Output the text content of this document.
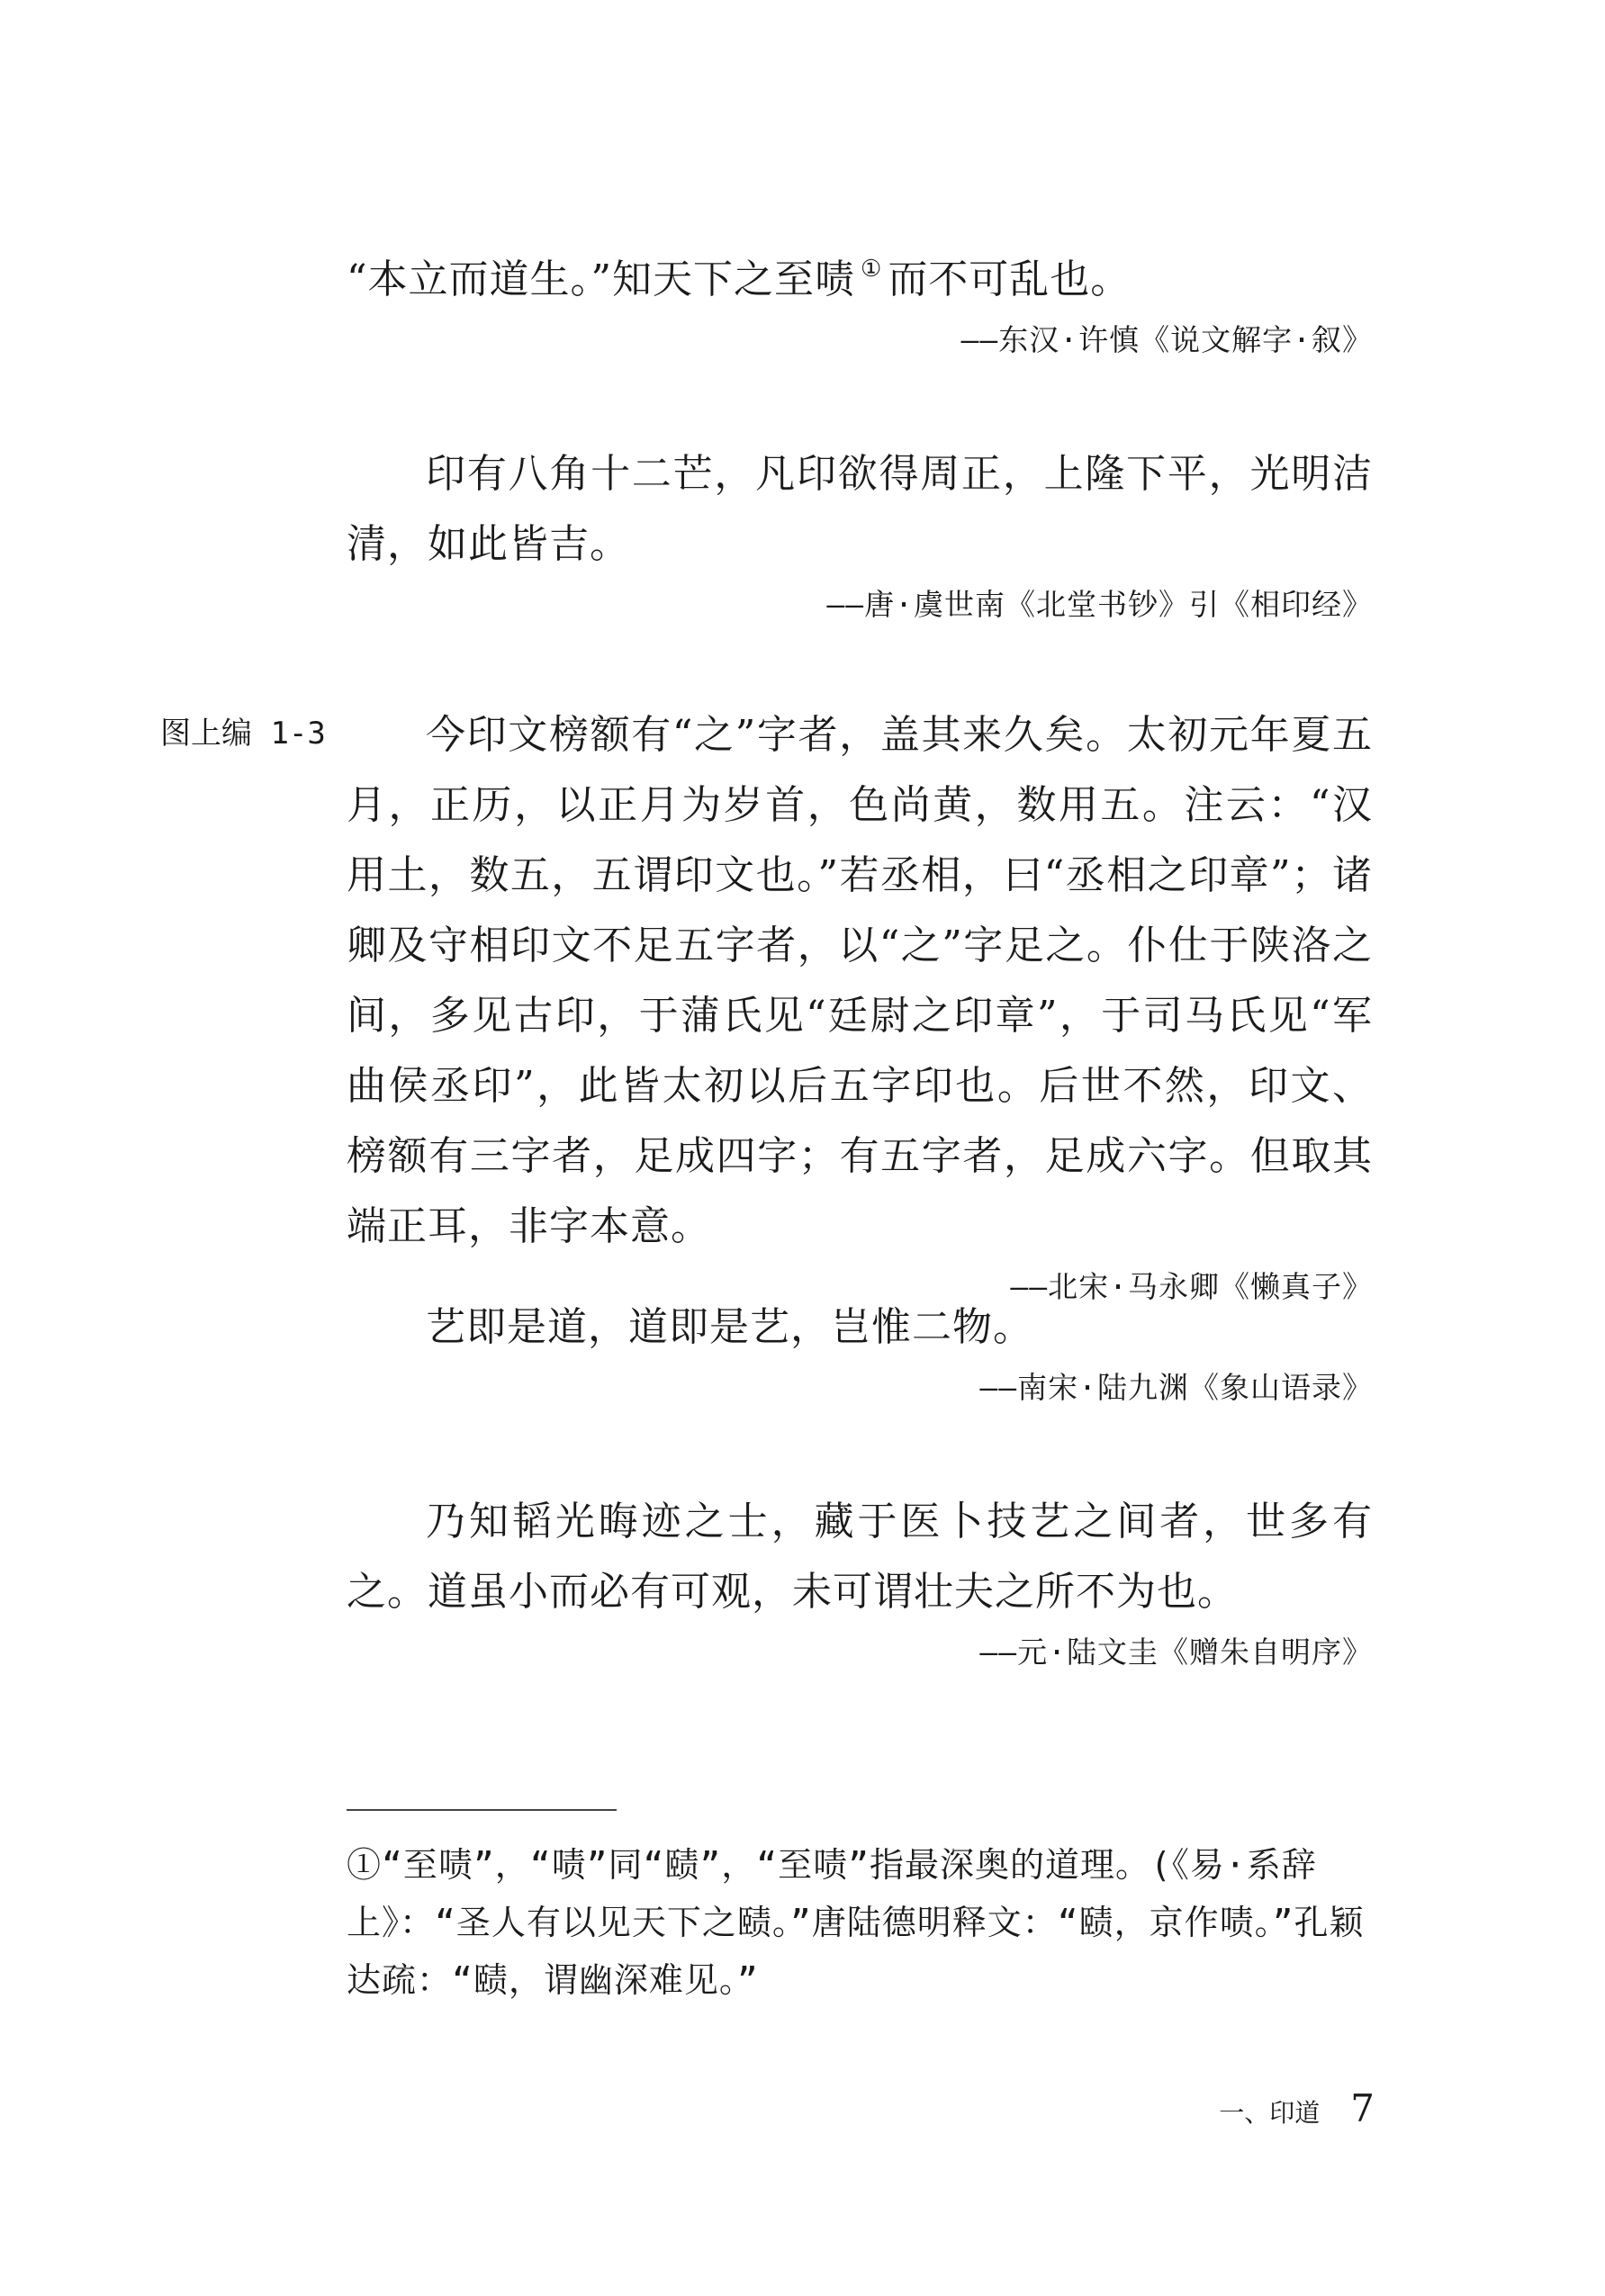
“本立而道生。”知天下之至啧 ① 而不可乱也。

——东汉·许慎《说文解字·叙》

印有八角十二芒，凡印欲得周正，上隆下平，光明洁清，如此皆吉。

——唐·虞世南《北堂书钞》引《相印经》

图上编 1-3	今印文榜额有“之”字者，盖其来久矣。太初元年夏五月，正历，以正月为岁首，色尚黄，数用五。注云：“汉用土，数五，五谓印文也。”若丞相，曰“丞相之印章”；诸卿及守相印文不足五字者，以“之”字足之。仆仕于陕洛之间，多见古印，于蒲氏见“廷尉之印章”，于司马氏见“军曲侯丞印”，此皆太初以后五字印也。后世不然，印文、榜额有三字者，足成四字；有五字者，足成六字。但取其端正耳，非字本意。

——北宋·马永卿《懒真子》

艺即是道，道即是艺，岂惟二物。

——南宋·陆九渊《象山语录》

乃知韬光晦迹之士，藏于医卜技艺之间者，世多有之。道虽小而必有可观，未可谓壮夫之所不为也。

——元·陆文圭《赠朱自明序》

①“至啧”，“啧”同“赜”，“至啧”指最深奥的道理。(《易·系辞上》：“圣人有以见天下之赜。”唐陆德明释文：“赜，京作啧。”孔颖达疏：“赜，谓幽深难见。”

一、印道 7
